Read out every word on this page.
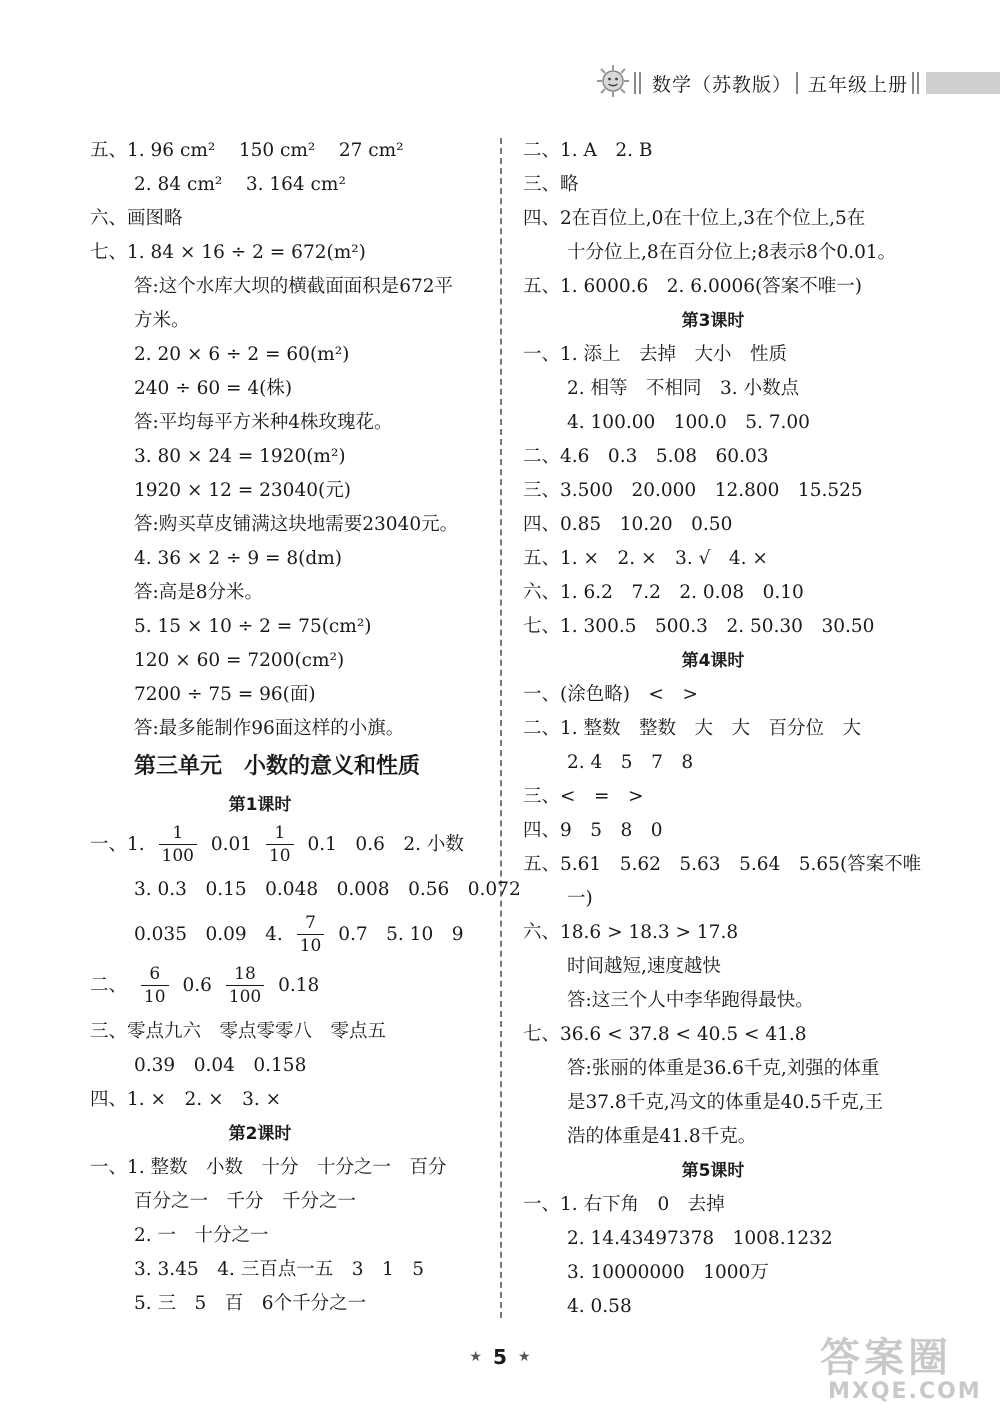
数学（苏教版） 五年级上册
五、1. 96 cm² 150 cm² 27 cm²
2. 84 cm² 3. 164 cm²
六、画图略
七、1. 84 × 16 ÷ 2 = 672(m²)
答:这个水库大坝的横截面面积是672平
方米。
2. 20 × 6 ÷ 2 = 60(m²)
240 ÷ 60 = 4(株)
答:平均每平方米种4株玫瑰花。
3. 80 × 24 = 1920(m²)
1920 × 12 = 23040(元)
答:购买草皮铺满这块地需要23040元。
4. 36 × 2 ÷ 9 = 8(dm)
答:高是8分米。
5. 15 × 10 ÷ 2 = 75(cm²)
120 × 60 = 7200(cm²)
7200 ÷ 75 = 96(面)
答:最多能制作96面这样的小旗。
第三单元　小数的意义和性质
第1课时
一、1. $\frac{1}{100} 0.01 \frac{1}{10} 0.1$　0.6　2. 小数
3. 0.3　0.15　0.048　0.008　0.56　0.072
0.035　0.09　4. $\frac{7}{10} 0.7$　5. 10　9
二、 $\frac{6}{10} 0.6 \frac{18}{100} 0.18$
三、零点九六　零点零零八　零点五
0.39　0.04　0.158
四、1. ×　2. ×　3. ×
第2课时
一、1. 整数　小数　十分　十分之一　百分
百分之一　千分　千分之一
2. 一　十分之一
3. 3.45　4. 三百点一五　3　1　5
5. 三　5　百　6个千分之一
二、1. A　2. B
三、略
四、2在百位上,0在十位上,3在个位上,5在
十分位上,8在百分位上;8表示8个0.01。
五、1. 6000.6　2. 6.0006(答案不唯一)
第3课时
一、1. 添上　去掉　大小　性质
2. 相等　不相同　3. 小数点
4. 100.00　100.0　5. 7.00
二、4.6　0.3　5.08　60.03
三、3.500　20.000　12.800　15.525
四、0.85　10.20　0.50
五、1. ×　2. ×　3. √　4. ×
六、1. 6.2　7.2　2. 0.08　0.10
七、1. 300.5　500.3　2. 50.30　30.50
第4课时
一、(涂色略)　<　>
二、1. 整数　整数　大　大　百分位　大
2. 4　5　7　8
三、<　=　>
四、9　5　8　0
五、5.61　5.62　5.63　5.64　5.65(答案不唯
一)
六、18.6 > 18.3 > 17.8
时间越短,速度越快
答:这三个人中李华跑得最快。
七、36.6 < 37.8 < 40.5 < 41.8
答:张丽的体重是36.6千克,刘强的体重
是37.8千克,冯文的体重是40.5千克,王
浩的体重是41.8千克。
第5课时
一、1. 右下角　0　去掉
2. 14.43497378　1008.1232
3. 10000000　1000万
4. 0.58
★ 5 ★	答案圈
MXQE.COM
